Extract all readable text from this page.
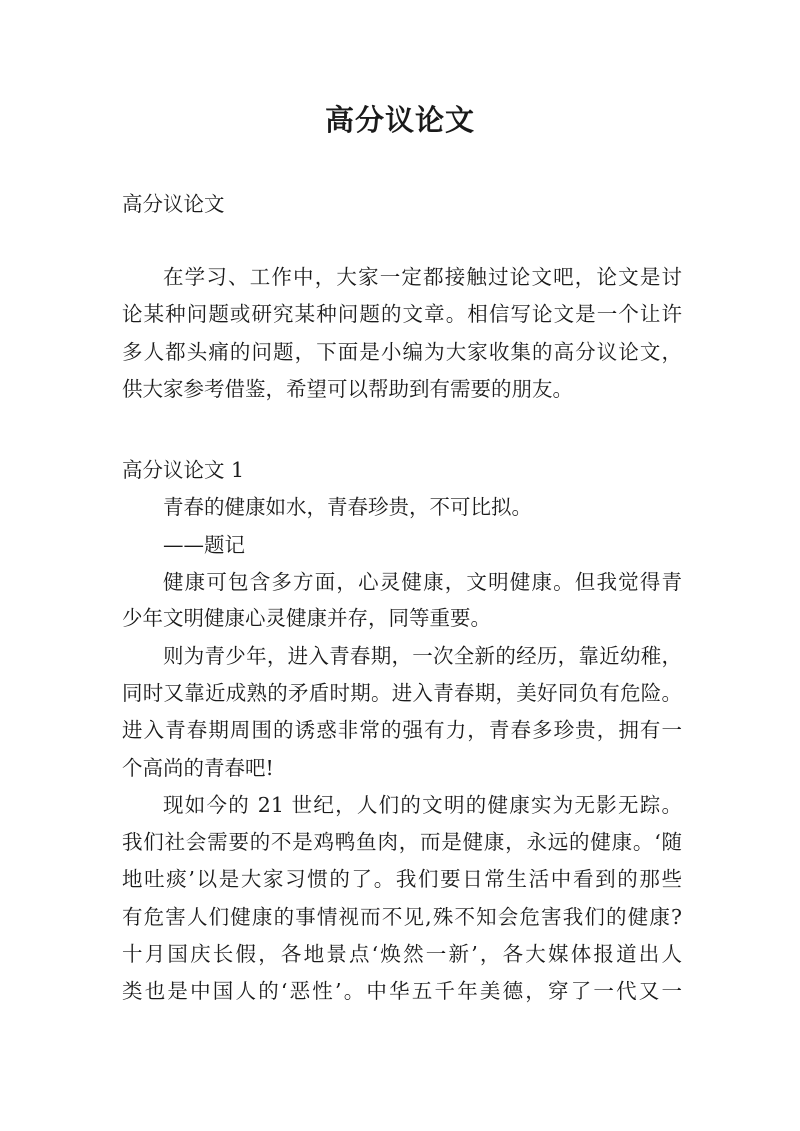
高分议论文

高分议论文

在学习、工作中，大家一定都接触过论文吧，论文是讨

论某种问题或研究某种问题的文章。相信写论文是一个让许

多人都头痛的问题，下面是小编为大家收集的高分议论文，

供大家参考借鉴，希望可以帮助到有需要的朋友。

高分议论文 1

青春的健康如水，青春珍贵，不可比拟。

——题记

健康可包含多方面，心灵健康，文明健康。但我觉得青

少年文明健康心灵健康并存，同等重要。

则为青少年，进入青春期，一次全新的经历，靠近幼稚，

同时又靠近成熟的矛盾时期。进入青春期，美好同负有危险。

进入青春期周围的诱惑非常的强有力，青春多珍贵，拥有一

个高尚的青春吧!

现如今的 21 世纪，人们的文明的健康实为无影无踪。

我们社会需要的不是鸡鸭鱼肉，而是健康，永远的健康。‘随

地吐痰’以是大家习惯的了。我们要日常生活中看到的那些

有危害人们健康的事情视而不见,殊不知会危害我们的健康?

十月国庆长假，各地景点‘焕然一新’，各大媒体报道出人

类也是中国人的‘恶性’。中华五千年美德，穿了一代又一
